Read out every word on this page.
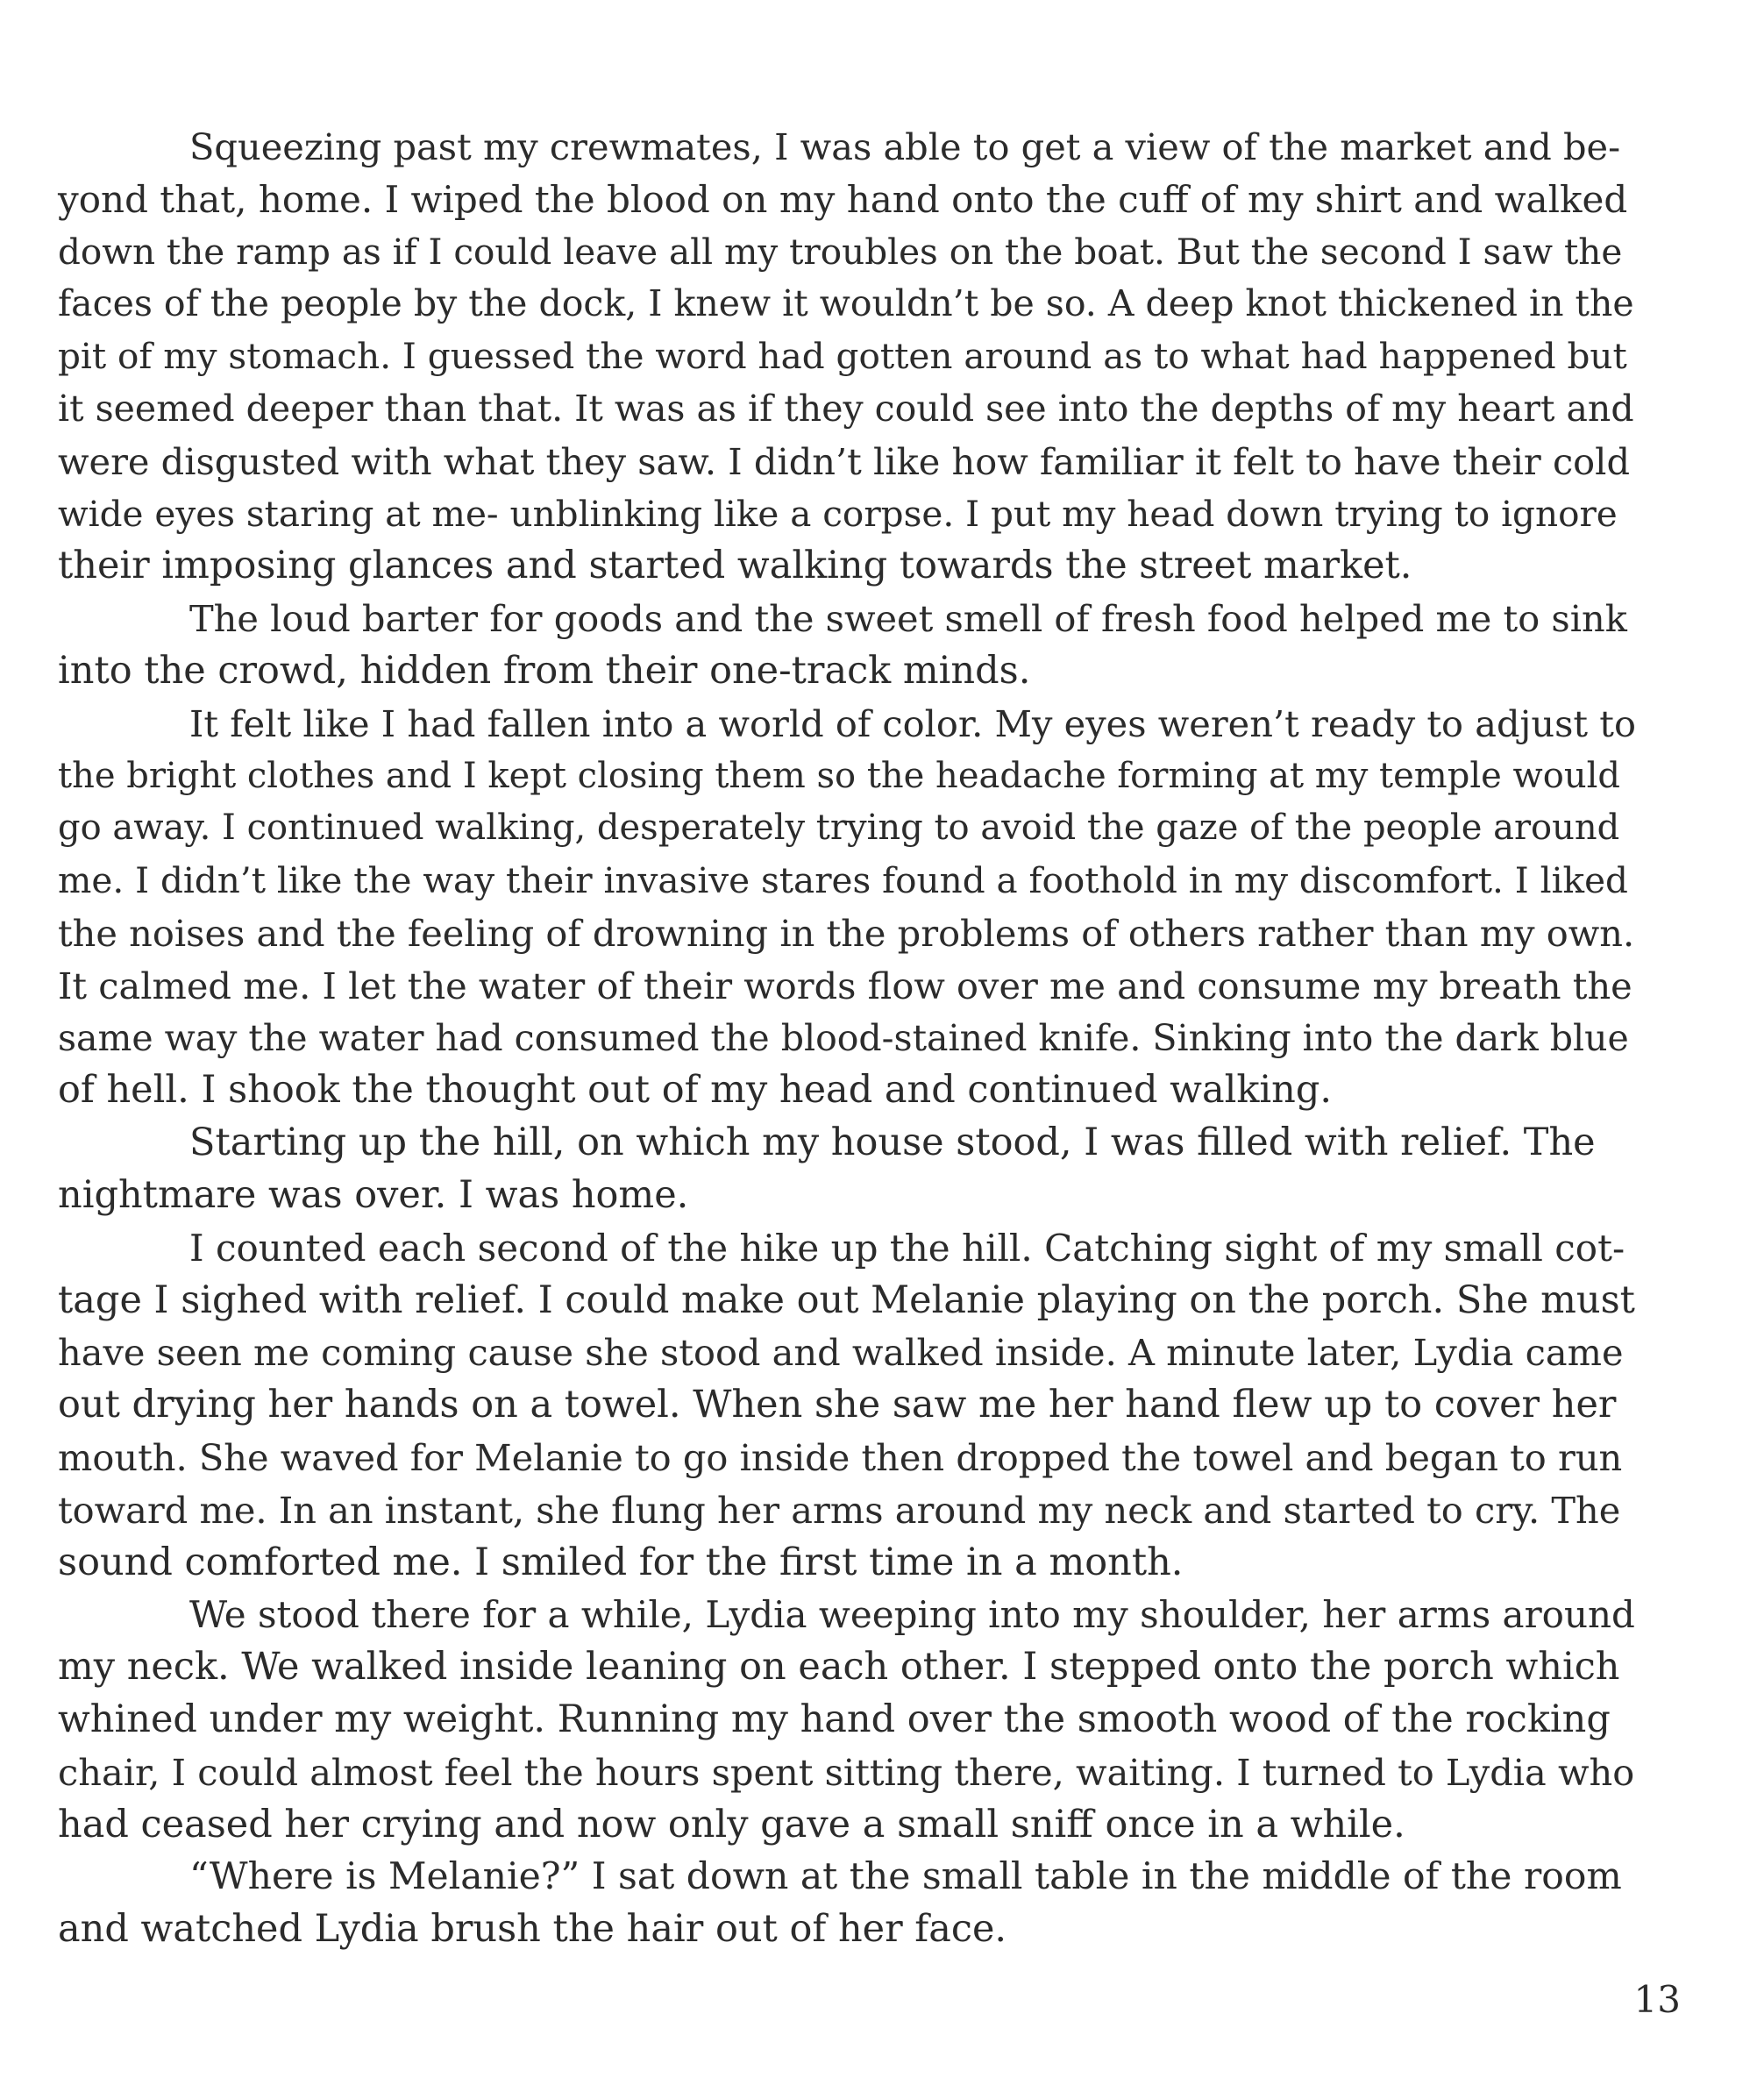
Squeezing past my crewmates, I was able to get a view of the market and be-
yond that, home. I wiped the blood on my hand onto the cuff of my shirt and walked
down the ramp as if I could leave all my troubles on the boat. But the second I saw the
faces of the people by the dock, I knew it wouldn’t be so. A deep knot thickened in the
pit of my stomach. I guessed the word had gotten around as to what had happened but
it seemed deeper than that. It was as if they could see into the depths of my heart and
were disgusted with what they saw. I didn’t like how familiar it felt to have their cold
wide eyes staring at me- unblinking like a corpse. I put my head down trying to ignore
their imposing glances and started walking towards the street market.
The loud barter for goods and the sweet smell of fresh food helped me to sink
into the crowd, hidden from their one-track minds.
It felt like I had fallen into a world of color. My eyes weren’t ready to adjust to
the bright clothes and I kept closing them so the headache forming at my temple would
go away. I continued walking, desperately trying to avoid the gaze of the people around
me. I didn’t like the way their invasive stares found a foothold in my discomfort. I liked
the noises and the feeling of drowning in the problems of others rather than my own.
It calmed me. I let the water of their words flow over me and consume my breath the
same way the water had consumed the blood-stained knife. Sinking into the dark blue
of hell. I shook the thought out of my head and continued walking.
Starting up the hill, on which my house stood, I was filled with relief. The
nightmare was over. I was home.
I counted each second of the hike up the hill. Catching sight of my small cot-
tage I sighed with relief. I could make out Melanie playing on the porch. She must
have seen me coming cause she stood and walked inside. A minute later, Lydia came
out drying her hands on a towel. When she saw me her hand flew up to cover her
mouth. She waved for Melanie to go inside then dropped the towel and began to run
toward me. In an instant, she flung her arms around my neck and started to cry. The
sound comforted me. I smiled for the first time in a month.
We stood there for a while, Lydia weeping into my shoulder, her arms around
my neck. We walked inside leaning on each other. I stepped onto the porch which
whined under my weight. Running my hand over the smooth wood of the rocking
chair, I could almost feel the hours spent sitting there, waiting. I turned to Lydia who
had ceased her crying and now only gave a small sniff once in a while.
“Where is Melanie?” I sat down at the small table in the middle of the room
and watched Lydia brush the hair out of her face.
13
